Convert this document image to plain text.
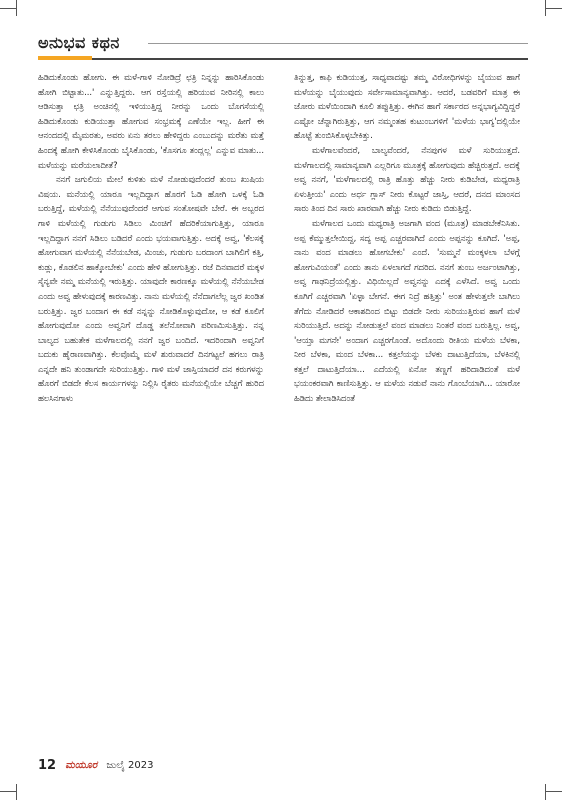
ಅನುಭವ ಕಥನ

ಹಿಡಿದುಕೊಂಡು ಹೋಗು. ಈ ಮಳೆ-ಗಾಳಿ ನೋಡಿದ್ರೆ ಛತ್ರಿ ನಿನ್ನನ್ನು ಹಾರಿಸಿಕೊಂಡು ಹೋಗಿ ಬಿಟ್ಟಾತು...' ಎನ್ನುತ್ತಿದ್ದರು. ಆಗ ರಸ್ತೆಯಲ್ಲಿ ಹರಿಯುವ ನೀರಿನಲ್ಲಿ ಕಾಲು ಆಡಿಸುತ್ತಾ ಛತ್ರಿ ಅಂಚಿನಲ್ಲಿ ಇಳಿಯುತ್ತಿದ್ದ ನೀರನ್ನು ಒಂದು ಬೊಗಸೆಯಲ್ಲಿ ಹಿಡಿದುಕೊಂಡು ಕುಡಿಯುತ್ತಾ ಹೋಗುವ ಸಂಭ್ರಮಕ್ಕೆ ಎಣೆಯೇ ಇಲ್ಲ. ಹೀಗೆ ಈ ಆನಂದದಲ್ಲಿ ಮೈಮರತು, ಅವರು ಏನು ತರಲು ಹೇಳಿದ್ದರು ಎಂಬುದನ್ನು ಮರೆತು ಮತ್ತೆ ಹಿಂದಕ್ಕೆ ಹೋಗಿ ಕೇಳಿಸಿಕೊಂಡು ಬೈಸಿಕೊಂಡು, 'ಕೊಸಗೂ ತಂದ್ಲಲ್ಲ' ಎನ್ನುವ ಮಾತು... ಮಳೆಯನ್ನು ಮರೆಯಲಾದೀತೆ?

ನನಗೆ ಜಗುಲಿಯ ಮೇಲೆ ಕುಳಿತು ಮಳೆ ನೋಡುವುದೆಂದರೆ ತುಂಬ ಖುಷಿಯ ವಿಷಯ. ಮನೆಯಲ್ಲಿ ಯಾರೂ ಇಲ್ಲದಿದ್ದಾಗ ಹೊರಗೆ ಓಡಿ ಹೋಗಿ ಒಳಕ್ಕೆ ಓಡಿ ಬರುತ್ತಿದ್ದೆ, ಮಳೆಯಲ್ಲಿ ನೆನೆಯುವುದೆಂದರೆ ಆಗುವ ಸಂತೋಷವೇ ಬೇರೆ. ಈ ಅಬ್ಬರದ ಗಾಳಿ ಮಳೆಯಲ್ಲಿ ಗುಡುಗು ಸಿಡಿಲು ಮಿಂಚಿಗೆ ಹೆದರಿಕೆಯಾಗುತ್ತಿತ್ತು, ಯಾರೂ ಇಲ್ಲದಿದ್ದಾಗ ನನಗೆ ಸಿಡಿಲು ಬಡಿದರೆ ಎಂದು ಭಯವಾಗುತ್ತಿತ್ತು. ಅದಕ್ಕೆ ಅವ್ವ, 'ಕೆಲಸಕ್ಕೆ ಹೋಗುವಾಗ ಮಳೆಯಲ್ಲಿ ನೆನೆಯಬೇಡ, ಮಿಂಚು, ಗುಡುಗು ಬರದಾಂಗ ಬಾಗಿಲಿಗೆ ಕತ್ತಿ, ಕುಡ್ಲು, ಕೊಡಲಿನ ಹಾಕ್ಕೋಬೇಕು' ಎಂದು ಹೇಳಿ ಹೋಗುತ್ತಿತ್ತು. ರಜೆ ದಿನವಾದರೆ ಮಕ್ಕಳ ಸೈನ್ಯವೇ ನಮ್ಮ ಮನೆಯಲ್ಲಿ ಇರುತ್ತಿತ್ತು. ಯಾವುದೇ ಕಾರಣಕ್ಕೂ ಮಳೆಯಲ್ಲಿ ನೆನೆಯಬೇಡ ಎಂದು ಅವ್ವ ಹೇಳುವುದಕ್ಕೆ ಕಾರಣವಿತ್ತು. ನಾನು ಮಳೆಯಲ್ಲಿ ನೆನೆದಾಗಲೆಲ್ಲ ಜ್ವರ ಖಂಡಿತ ಬರುತ್ತಿತ್ತು. ಜ್ವರ ಬಂದಾಗ ಈ ಕಡೆ ನನ್ನನ್ನು ನೋಡಿಕೊಳ್ಳುವುದೋ, ಆ ಕಡೆ ಕೂಲಿಗೆ ಹೋಗುವುದೋ ಎಂದು ಅವ್ವನಿಗೆ ದೊಡ್ಡ ತಲೆನೋವಾಗಿ ಪರಿಣಮಿಸುತ್ತಿತ್ತು. ನನ್ನ ಬಾಲ್ಯದ ಬಹುತೇಕ ಮಳೆಗಾಲದಲ್ಲಿ ನನಗೆ ಜ್ವರ ಬಂದಿದೆ. ಇದರಿಂದಾಗಿ ಅವ್ವನಿಗೆ ಬದುಕು ಹೈರಾಣವಾಗಿತ್ತು. ಕೆಲವೊಮ್ಮೆ ಮಳೆ ಶುರುವಾದರೆ ದಿನಗಟ್ಟಲೆ ಹಗಲು ರಾತ್ರಿ ಎನ್ನದೇ ಹನಿ ತುಂಡಾಗದೇ ಸುರಿಯುತ್ತಿತ್ತು. ಗಾಳಿ ಮಳೆ ಜಾಸ್ತಿಯಾದರೆ ದನ ಕರುಗಳನ್ನು ಹೊರಗೆ ಬಿಡದೇ ಕೆಲಸ ಕಾರ್ಯಗಳನ್ನು ನಿಲ್ಲಿಸಿ ರೈತರು ಮನೆಯಲ್ಲಿಯೇ ಬೆಚ್ಚಗೆ ಹುರಿದ ಹಲಸಿನಗಾಳು

ತಿನ್ನುತ್ತ, ಕಾಫಿ ಕುಡಿಯುತ್ತ, ಸಾಧ್ಯವಾದಷ್ಟು ತಮ್ಮ ವಿರೋಧಿಗಳನ್ನು ಬೈಯುವ ಹಾಗೆ ಮಳೆಯನ್ನು ಬೈಯುವುದು ಸರ್ವೇಸಾಮಾನ್ಯವಾಗಿತ್ತು. ಆದರೆ, ಬಡವರಿಗೆ ಮಾತ್ರ ಈ ಜೋರು ಮಳೆಯಿಂದಾಗಿ ಕೂಲಿ ತಪ್ಪುತ್ತಿತ್ತು. ಈಗಿನ ಹಾಗೆ ಸರ್ಕಾರದ ಅನ್ನಭಾಗ್ಯವಿದ್ದಿದ್ದರೆ ಎಷ್ಟೋ ಚೆನ್ನಾಗಿರುತ್ತಿತ್ತು, ಆಗ ನಮ್ಮಂತಹ ಕುಟುಂಬಗಳಿಗೆ 'ಮಳೆಯ ಭಾಗ್ಯ'ದಲ್ಲಿಯೇ ಹೊಟ್ಟೆ ತುಂಬಿಸಿಕೊಳ್ಳಬೇಕಿತ್ತು.

ಮಳೆಗಾಲವೆಂದರೆ, ಬಾಲ್ಯವೆಂದರೆ, ನೆನಪುಗಳ ಮಳೆ ಸುರಿಯುತ್ತದೆ. ಮಳೆಗಾಲದಲ್ಲಿ ಸಾಮಾನ್ಯವಾಗಿ ಎಲ್ಲರಿಗೂ ಮೂತ್ರಕ್ಕೆ ಹೋಗುವುದು ಹೆಚ್ಚಿರುತ್ತದೆ. ಅದಕ್ಕೆ ಅವ್ವ ನನಗೆ, 'ಮಳೆಗಾಲದಲ್ಲಿ ರಾತ್ರಿ ಹೊತ್ತು ಹೆಚ್ಚು ನೀರು ಕುಡಿಬೇಡ, ಮಧ್ಯರಾತ್ರಿ ಏಳುತ್ತೀಯ' ಎಂದು ಅರ್ಧ ಗ್ಲಾಸ್ ನೀರು ಕೊಟ್ಟರೆ ಜಾಸ್ತಿ, ಆದರೆ, ದನದ ಮಾಂಸದ ಸಾರು ತಿಂದ ದಿನ ಸಾರು ಖಾರವಾಗಿ ಹೆಚ್ಚು ನೀರು ಕುಡಿದು ಬಿಡುತ್ತಿದ್ದೆ.

ಮಳೆಗಾಲದ ಒಂದು ಮಧ್ಯರಾತ್ರಿ ಅಜಗಾಗಿ ವಂದ (ಮೂತ್ರ) ಮಾಡಬೇಕೆನಿಸಿತು. ಅಪ್ಪ ಕೆಮ್ಮುತ್ತಲೇಯಿದ್ದ, ಸದ್ಯ ಅಪ್ಪ ಎಚ್ಚರವಾಗಿದೆ ಎಂದು ಅಪ್ಪನನ್ನು ಕೂಗಿದೆ. 'ಅಪ್ಪ, ನಾನು ವಂದ ಮಾಡಲು ಹೋಗಬೇಕು' ಎಂದೆ. 'ಸುಮ್ಮನೆ ಮಂಕ್ಕಳಲಾ ಬೆಳಗ್ಗೆ ಹೋಗುವಿಯಂತೆ' ಎಂದು ತಾನು ಏಳಲಾಗದೆ ಗದರಿದ. ನನಗೆ ತುಂಬ ಅರ್ಜಂಟಾಗಿತ್ತು, ಅವ್ವ ಗಾಢನಿದ್ರೆಯಲ್ಲಿತ್ತು. ವಿಧಿಯಿಲ್ಲದೆ ಅವ್ವನನ್ನು ಎದಕ್ಕೆ ಎಳೆಸಿದೆ. ಅವ್ವ ಒಂದು ಕೂಗಿಗೆ ಎಚ್ಚರವಾಗಿ 'ಏಳ್ಳಾ ಬೇಗನೆ. ಈಗ ನಿದ್ರೆ ಹತ್ತಿತ್ತು' ಅಂತ ಹೇಳುತ್ತಲೇ ಬಾಗಿಲು ತೆಗೆದು ನೋಡಿದರೆ ಆಕಾಶದಿಂದ ಬಿಟ್ಟು ಬಿಡದೇ ನೀರು ಸುರಿಯುತ್ತಿರುವ ಹಾಗೆ ಮಳೆ ಸುರಿಯುತ್ತಿದೆ. ಅದನ್ನು ನೋಡುತ್ತಲೆ ವಂದ ಮಾಡಲು ನಿಂತರೆ ವಂದ ಬರುತ್ತಿಲ್ಲ. ಅವ್ವ, 'ಆಯ್ತಾ ಮಗನೇ' ಅಂದಾಗ ಎಚ್ಚರಗೊಂಡೆ. ಅದೊಂದು ರೀತಿಯ ಮಳೆಯ ಬೆಳಕಾ, ನೀರ ಬೆಳಕಾ, ಮಂದ ಬೆಳಕಾ... ಕತ್ತಲೆಯನ್ನು ಬೆಳಕು ದಾಟುತ್ತಿದೆಯಾ, ಬೆಳಕಿನಲ್ಲಿ ಕತ್ತಲೆ ದಾಟುತ್ತಿದೆಯಾ... ಎದೆಯಲ್ಲಿ ಏನೋ ತಣ್ಣಗೆ ಹರಿದಾಡಿದಂತೆ ಮಳೆ ಭಯಂಕರವಾಗಿ ಕಾಣಿಸುತ್ತಿತ್ತು. ಆ ಮಳೆಯ ನಡುವೆ ನಾನು ಗೊಂಬೆಯಾಗಿ... ಯಾರೋ ಹಿಡಿದು ತೇಲಾಡಿಸಿದಂತೆ

12 ಮಯೂರ ಜುಲೈ 2023
